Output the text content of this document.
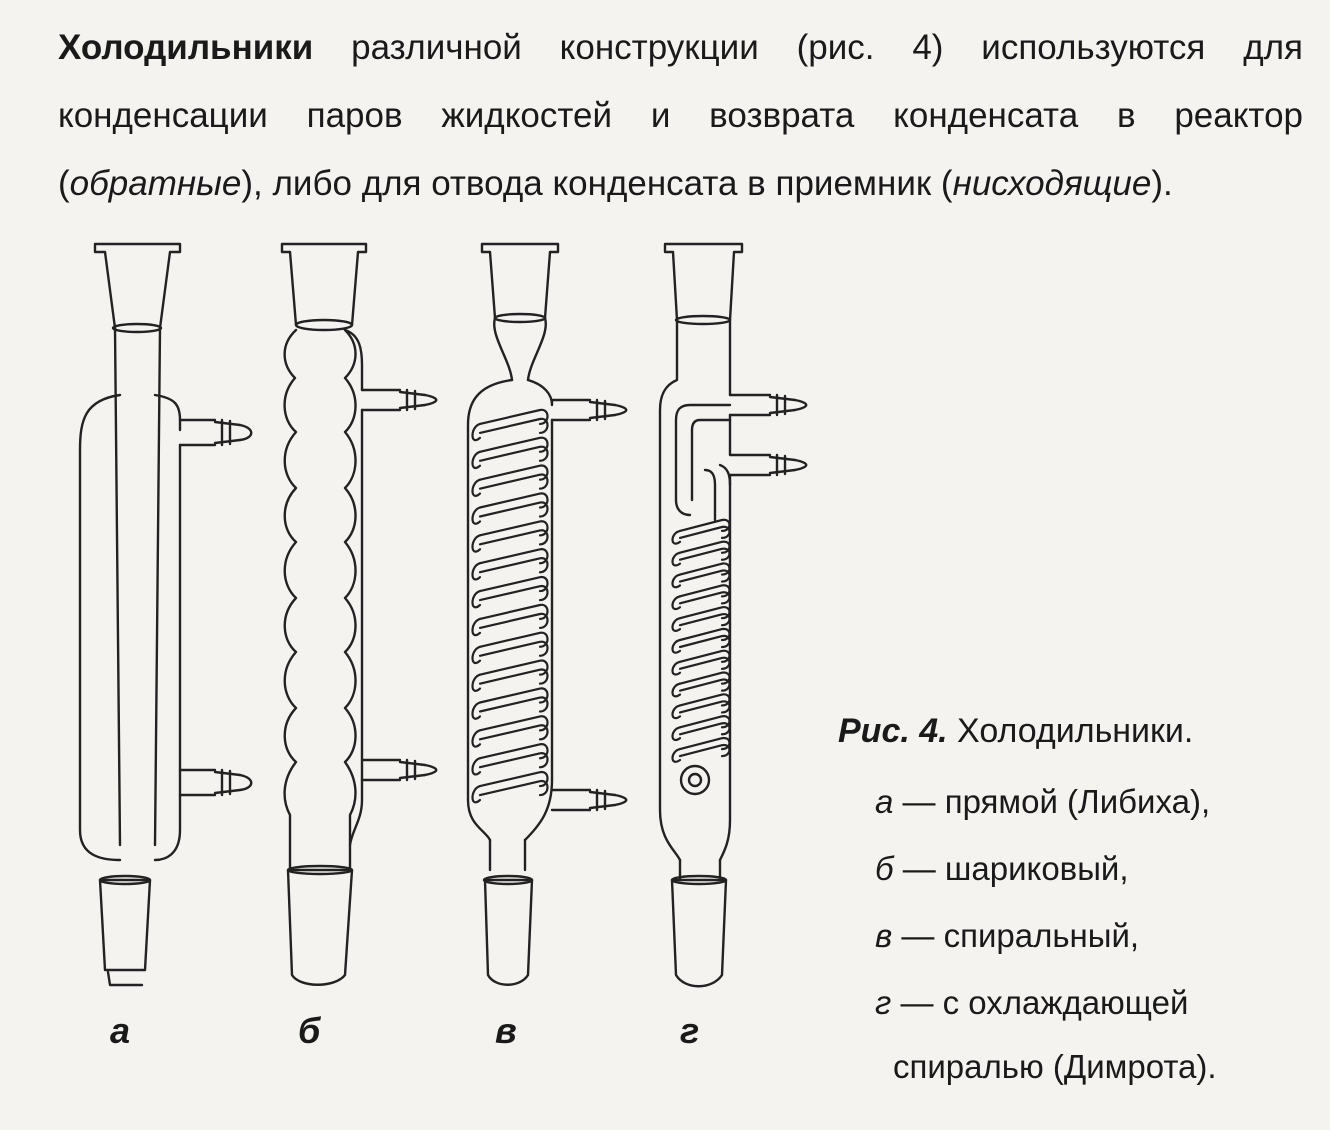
Холодильники различной конструкции (рис. 4) используются для конденсации паров жидкостей и возврата конденсата в реактор (обратные), либо для отвода конденсата в приемник (нисходящие).
а	б	в	г
Рис. 4. Холодильники.
а — прямой (Либиха),
б — шариковый,
в — спиральный,
г — с охлаждающей
спиралью (Димрота).
